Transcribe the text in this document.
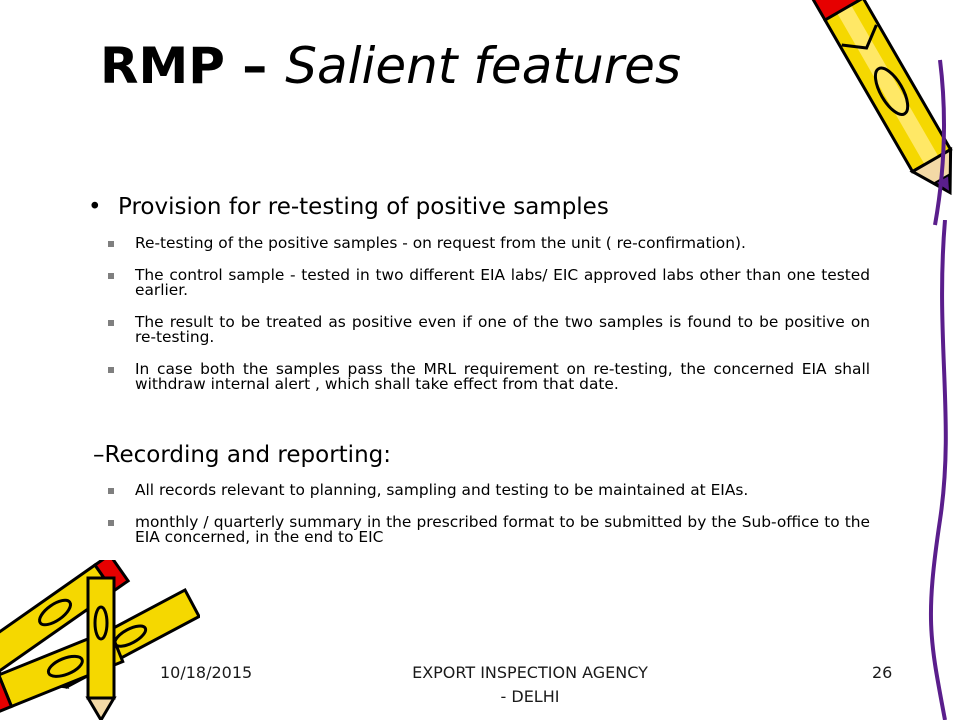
RMP – Salient features
• Provision for re-testing of positive samples
Re-testing of the positive samples - on request from the unit ( re-confirmation).
The control sample - tested in two different EIA labs/ EIC approved labs other than one tested earlier.
The result to be treated as positive even if one of the two samples is found to be positive on re-testing.
In case both the samples pass the MRL requirement on re-testing, the concerned EIA shall withdraw internal alert , which shall take effect from that date.
–Recording and reporting:
All records relevant to planning, sampling and testing to be maintained at EIAs.
monthly / quarterly summary in the prescribed format to be submitted by the Sub-office to the EIA concerned, in the end to EIC
10/18/2015	EXPORT INSPECTION AGENCY
- DELHI
26
